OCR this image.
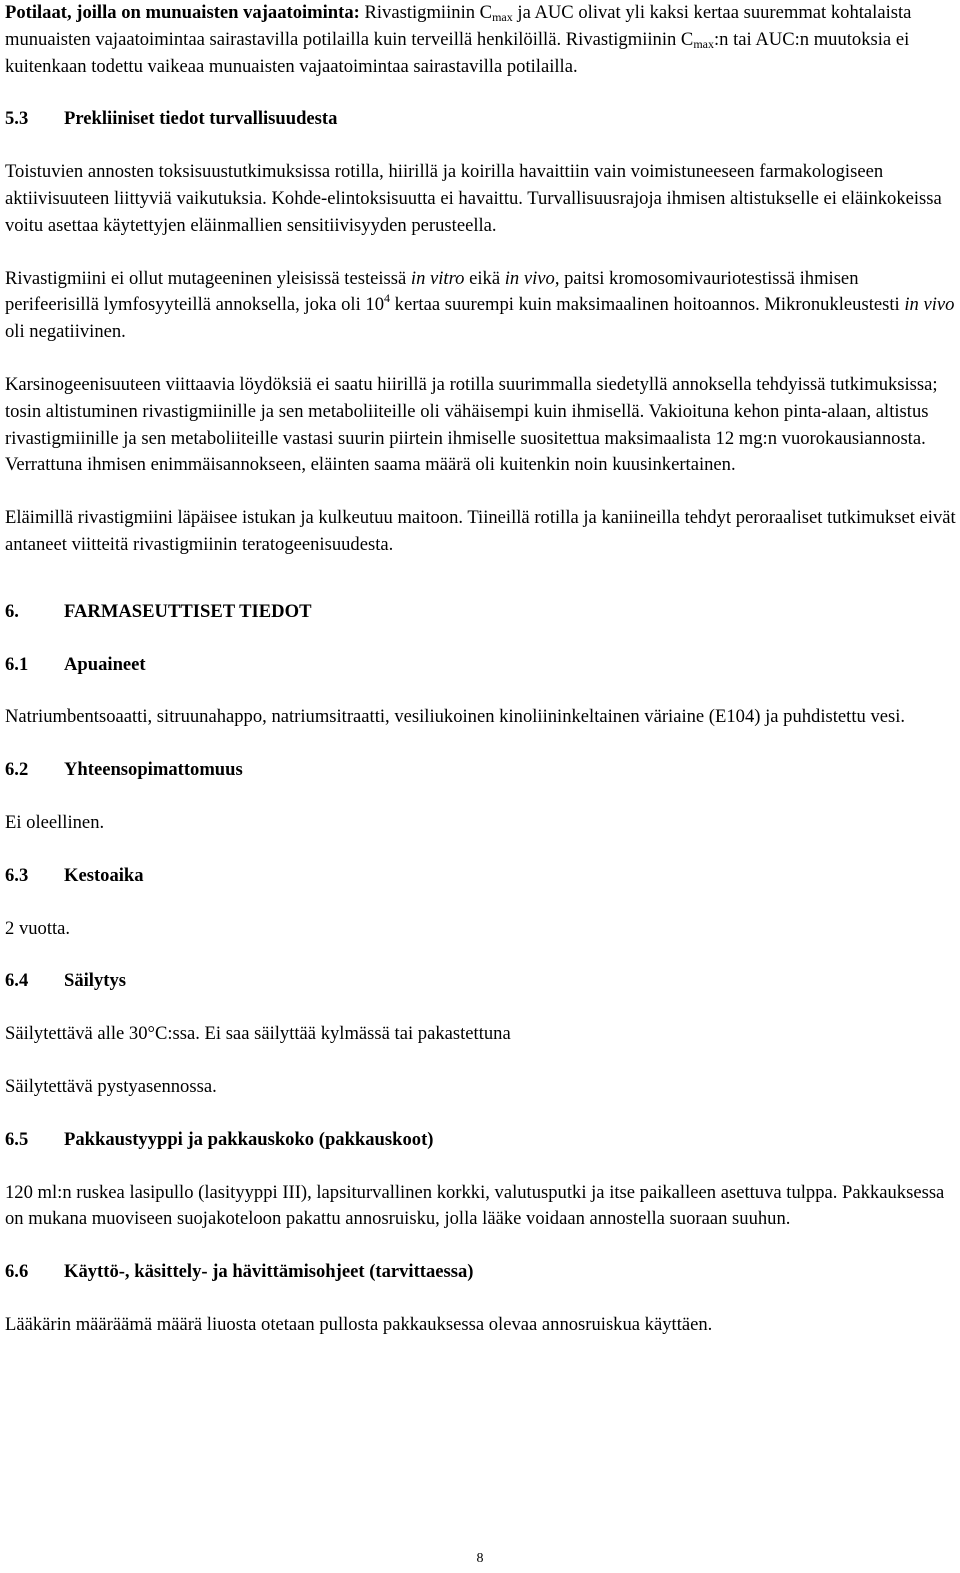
Potilaat, joilla on munuaisten vajaatoiminta: Rivastigmiinin $C_{max}$ ja AUC olivat yli kaksi kertaa suuremmat kohtalaista munuaisten vajaatoimintaa sairastavilla potilailla kuin terveillä henkilöillä. Rivastigmiinin $C_{max}:n$ tai AUC:n muutoksia ei kuitenkaan todettu vaikeaa munuaisten vajaatoimintaa sairastavilla potilailla.

5.3	Prekliiniset tiedot turvallisuudesta

Toistuvien annosten toksisuustutkimuksissa rotilla, hiirillä ja koirilla havaittiin vain voimistuneeseen farmakologiseen aktiivisuuteen liittyviä vaikutuksia. Kohde-elintoksisuutta ei havaittu. Turvallisuusrajoja ihmisen altistukselle ei eläinkokeissa voitu asettaa käytettyjen eläinmallien sensitiivisyyden perusteella.

Rivastigmiini ei ollut mutageeninen yleisissä testeissä in vitro eikä in vivo, paitsi kromosomivauriotestissä ihmisen perifeerisillä lymfosyyteillä annoksella, joka oli $10^4$ kertaa suurempi kuin maksimaalinen hoitoannos. Mikronukleustesti in vivo oli negatiivinen.

Karsinogeenisuuteen viittaavia löydöksiä ei saatu hiirillä ja rotilla suurimmalla siedetyllä annoksella tehdyissä tutkimuksissa; tosin altistuminen rivastigmiinille ja sen metaboliiteille oli vähäisempi kuin ihmisellä. Vakioituna kehon pinta-alaan, altistus rivastigmiinille ja sen metaboliiteille vastasi suurin piirtein ihmiselle suositettua maksimaalista 12 mg:n vuorokausiannosta. Verrattuna ihmisen enimmäisannokseen, eläinten saama määrä oli kuitenkin noin kuusinkertainen.

Eläimillä rivastigmiini läpäisee istukan ja kulkeutuu maitoon. Tiineillä rotilla ja kaniineilla tehdyt peroraaliset tutkimukset eivät antaneet viitteitä rivastigmiinin teratogeenisuudesta.

6.	FARMASEUTTISET TIEDOT
6.1	Apuaineet

Natriumbentsoaatti, sitruunahappo, natriumsitraatti, vesiliukoinen kinoliininkeltainen väriaine (E104) ja puhdistettu vesi.

6.2	Yhteensopimattomuus

Ei oleellinen.

6.3	Kestoaika

2 vuotta.

6.4	Säilytys

Säilytettävä alle 30°C:ssa. Ei saa säilyttää kylmässä tai pakastettuna

Säilytettävä pystyasennossa.

6.5	Pakkaustyyppi ja pakkauskoko (pakkauskoot)

120 ml:n ruskea lasipullo (lasityyppi III), lapsiturvallinen korkki, valutusputki ja itse paikalleen asettuva tulppa. Pakkauksessa on mukana muoviseen suojakoteloon pakattu annosruisku, jolla lääke voidaan annostella suoraan suuhun.

6.6	Käyttö-, käsittely- ja hävittämisohjeet (tarvittaessa)

Lääkärin määräämä määrä liuosta otetaan pullosta pakkauksessa olevaa annosruiskua käyttäen.

8
